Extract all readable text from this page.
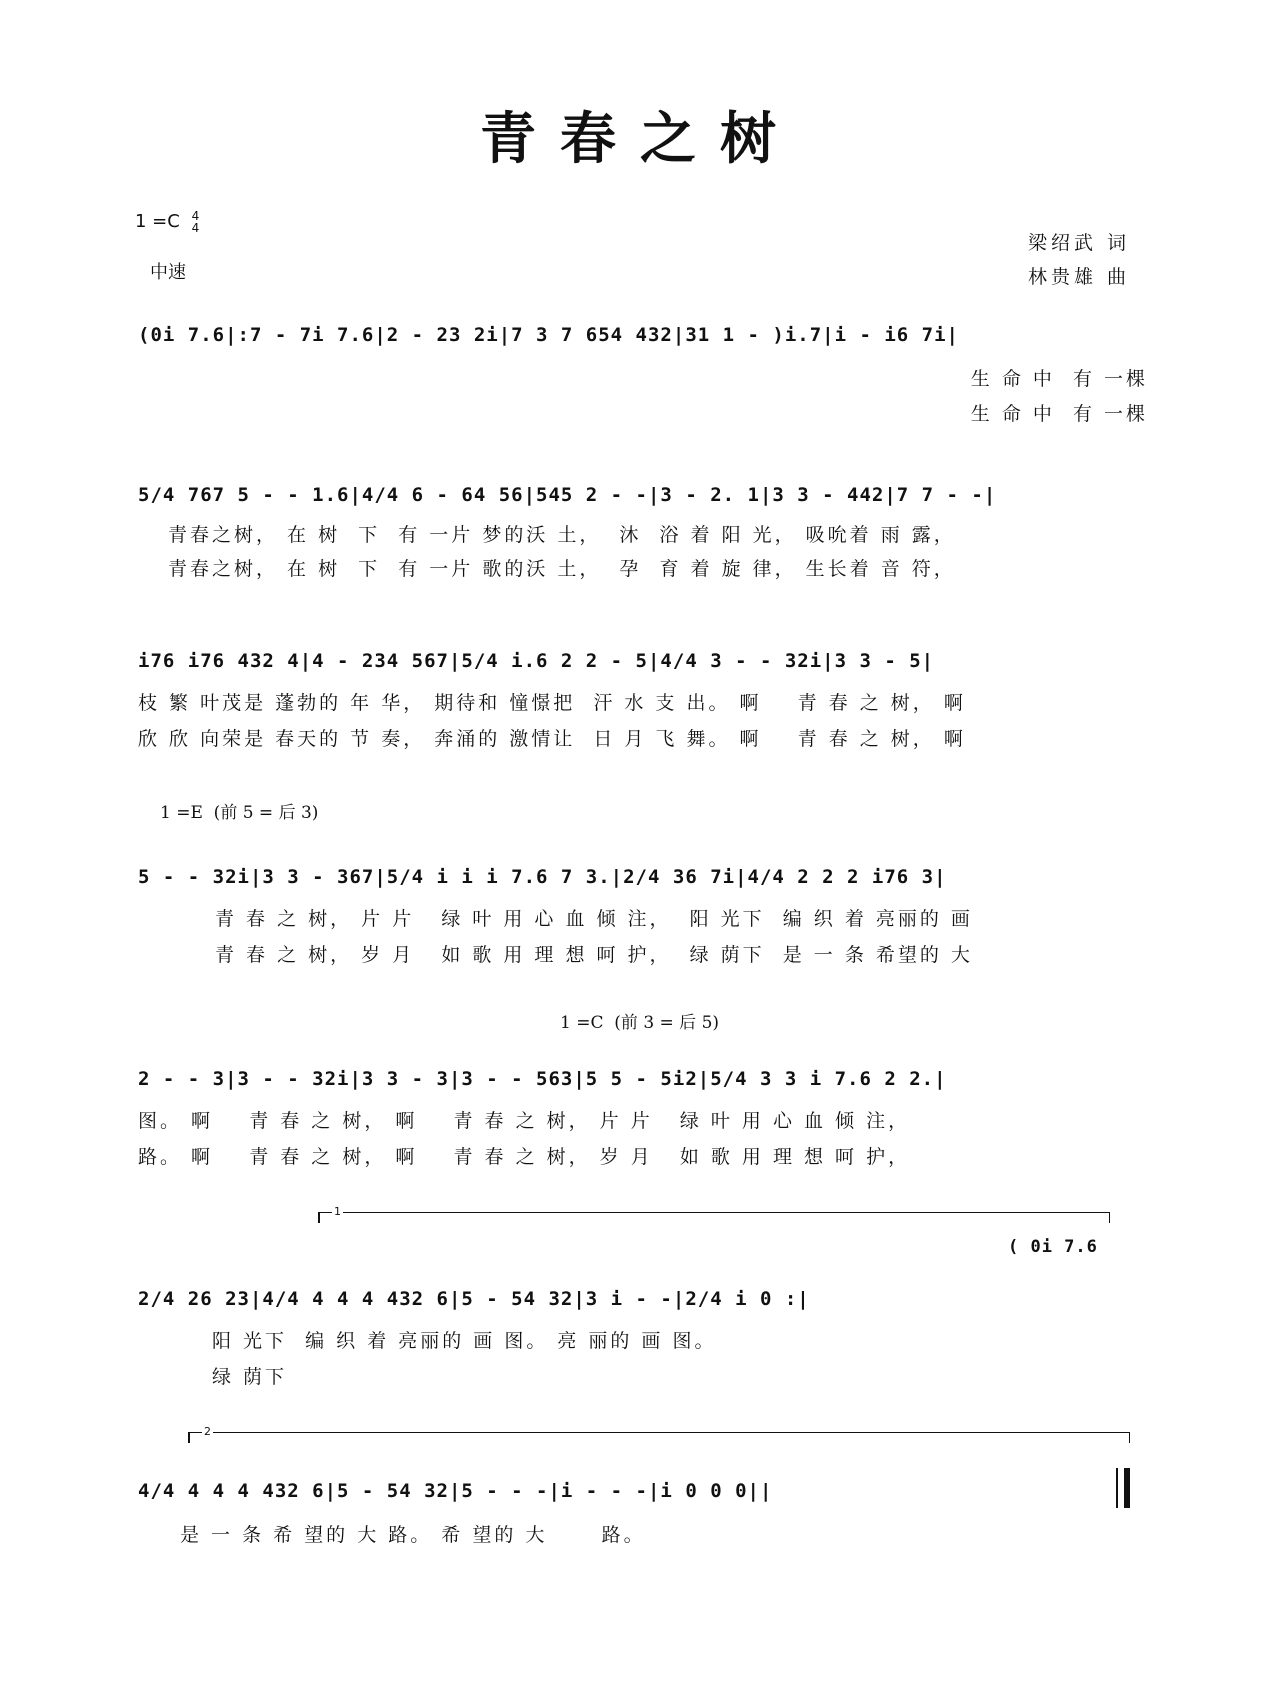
青春之树
1 =C 4
4
中速
梁绍武 词
林贵雄 曲
(0i 7.6|:7 - 7i 7.6|2 - 23 2i|7 3 7 654 432|31 1 - )i.7|i - i6 7i|
生 命 中  有 一棵
生 命 中  有 一棵
5/4 767 5 - - 1.6|4/4 6 - 64 56|545 2 - -|3 - 2. 1|3 3 - 442|7 7 - -|
青春之树， 在 树  下  有 一片 梦的沃 土，  沐  浴 着 阳 光， 吸吮着 雨 露，
青春之树， 在 树  下  有 一片 歌的沃 土，  孕  育 着 旋 律， 生长着 音 符，
i76 i76 432 4|4 - 234 567|5/4 i.6 2 2 - 5|4/4 3 - - 32i|3 3 - 5|
枝 繁 叶茂是 蓬勃的 年 华， 期待和 憧憬把  汗 水 支 出。 啊    青 春 之 树， 啊
欣 欣 向荣是 春天的 节 奏， 奔涌的 激情让  日 月 飞 舞。 啊    青 春 之 树， 啊
1 =E  (前 5 = 后 3)
5 - - 32i|3 3 - 367|5/4 i i i 7.6 7 3.|2/4 36 7i|4/4 2 2 2 i76 3|
青 春 之 树， 片 片   绿 叶 用 心 血 倾 注，  阳 光下  编 织 着 亮丽的 画
青 春 之 树， 岁 月   如 歌 用 理 想 呵 护，  绿 荫下  是 一 条 希望的 大
1 =C  (前 3 = 后 5)
2 - - 3|3 - - 32i|3 3 - 3|3 - - 563|5 5 - 5i2|5/4 3 3 i 7.6 2 2.|
图。 啊    青 春 之 树， 啊    青 春 之 树， 片 片   绿 叶 用 心 血 倾 注，
路。 啊    青 春 之 树， 啊    青 春 之 树， 岁 月   如 歌 用 理 想 呵 护，
1
( 0i 7.6
2/4 26 23|4/4 4 4 4 432 6|5 - 54 32|3 i - -|2/4 i 0 :|
阳 光下  编 织 着 亮丽的 画 图。 亮 丽的 画 图。
绿 荫下
2
4/4 4 4 4 432 6|5 - 54 32|5 - - -|i - - -|i 0 0 0||
是 一 条 希 望的 大 路。 希 望的 大      路。
